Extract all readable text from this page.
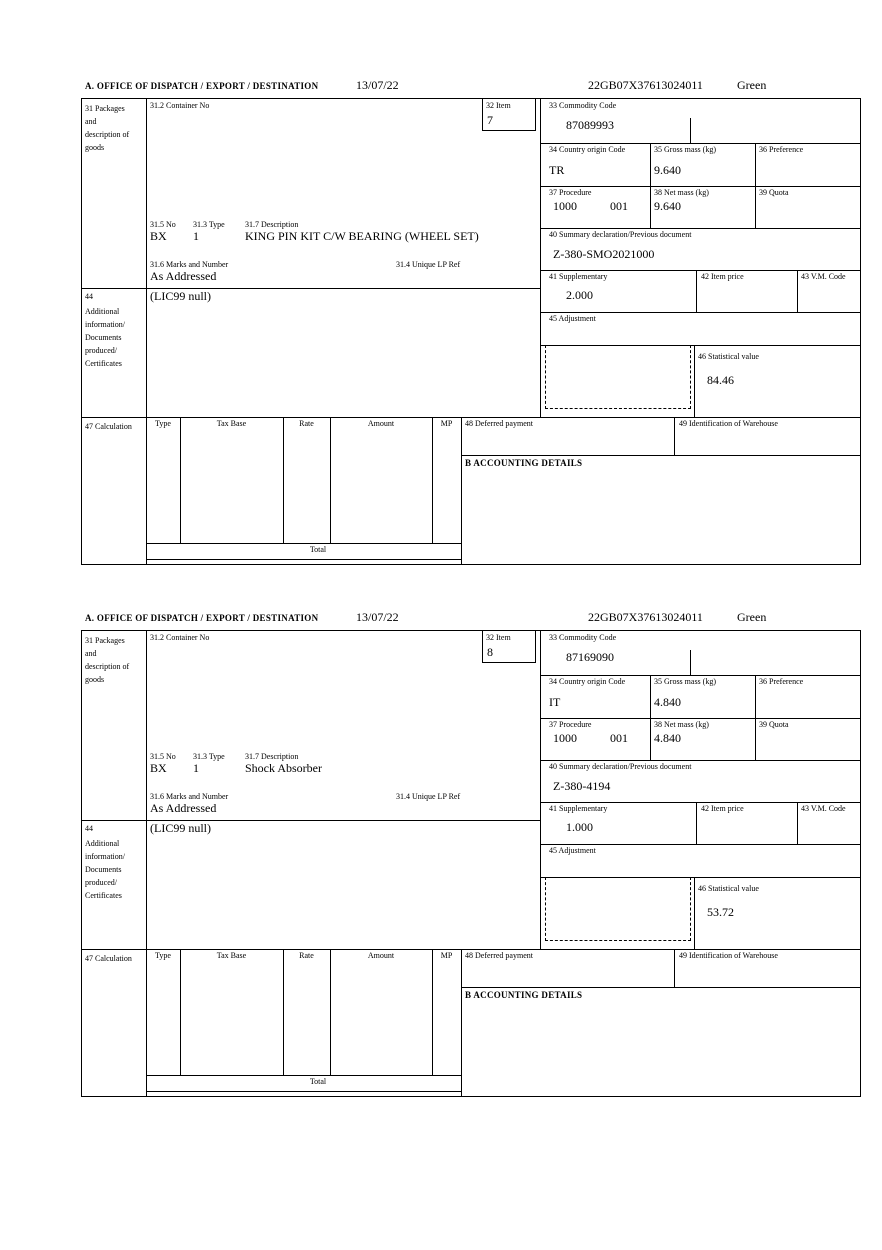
A. OFFICE OF DISPATCH / EXPORT / DESTINATION	13/07/22	22GB07X37613024011	Green
31 Packages and description of goods
44
Additional information/ Documents produced/ Certificates
47 Calculation
31.2 Container No	32 Item
7
31.5 No 31.3 Type	31.7 Description
BX 1	KING PIN KIT C/W BEARING (WHEEL SET)
31.6 Marks and Number	31.4 Unique LP Ref
As Addressed
(LIC99 null)
33 Commodity Code
87089993
34 Country origin Code
TR
35 Gross mass (kg)
9.640
36 Preference
37 Procedure
1000	001
38 Net mass (kg)
9.640
39 Quota
40 Summary declaration/Previous document
Z-380-SMO2021000
41 Supplementary
2.000
42 Item price	43 V.M. Code
45 Adjustment
46 Statistical value
84.46
Type	Tax Base	Rate	Amount	MP	48 Deferred payment	49 Identification of Warehouse
B ACCOUNTING DETAILS
Total
A. OFFICE OF DISPATCH / EXPORT / DESTINATION	13/07/22	22GB07X37613024011	Green
31 Packages and description of goods
44
Additional information/ Documents produced/ Certificates
47 Calculation
31.2 Container No	32 Item
8
31.5 No 31.3 Type	31.7 Description
BX 1	Shock Absorber
31.6 Marks and Number	31.4 Unique LP Ref
As Addressed
(LIC99 null)
33 Commodity Code
87169090
34 Country origin Code
IT
35 Gross mass (kg)
4.840
36 Preference
37 Procedure
1000	001
38 Net mass (kg)
4.840
39 Quota
40 Summary declaration/Previous document
Z-380-4194
41 Supplementary
1.000
42 Item price	43 V.M. Code
45 Adjustment
46 Statistical value
53.72
Type	Tax Base	Rate	Amount	MP	48 Deferred payment	49 Identification of Warehouse
B ACCOUNTING DETAILS
Total
